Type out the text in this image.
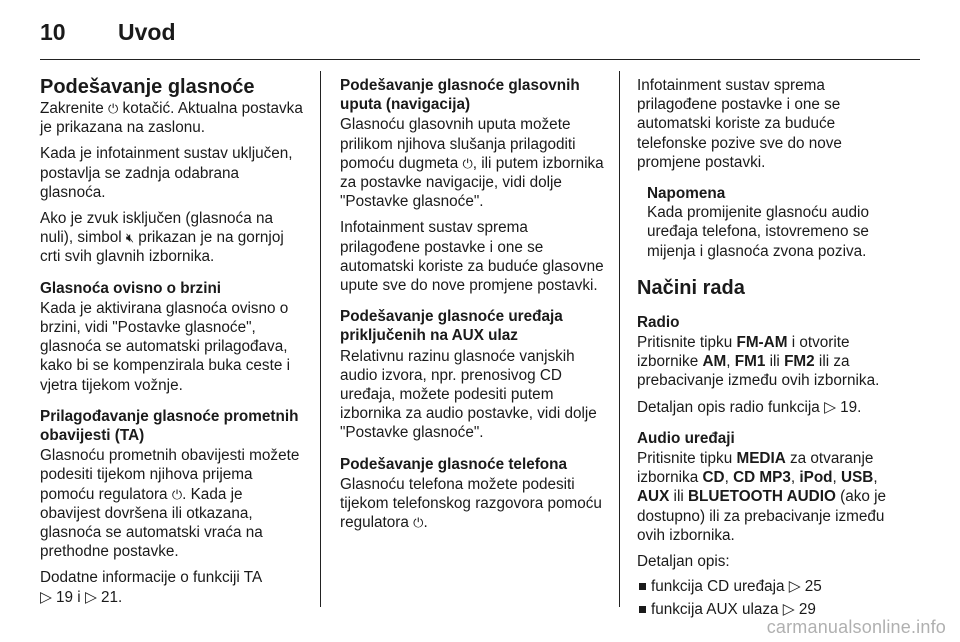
10	Uvod
Podešavanje glasnoće

Zakrenite ⏻ kotačić. Aktualna postavka je prikazana na zaslonu.

Kada je infotainment sustav uključen, postavlja se zadnja odabrana glasnoća.

Ako je zvuk isključen (glasnoća na nuli), simbol 🔇︎ prikazan je na gornjoj crti svih glavnih izbornika.

Glasnoća ovisno o brzini

Kada je aktivirana glasnoća ovisno o brzini, vidi "Postavke glasnoće", glasnoća se automatski prilagođava, kako bi se kompenzirala buka ceste i vjetra tijekom vožnje.

Prilagođavanje glasnoće prometnih obavijesti (TA)

Glasnoću prometnih obavijesti možete podesiti tijekom njihova prijema pomoću regulatora ⏻. Kada je obavijest dovršena ili otkazana, glasnoća se automatski vraća na prethodne postavke.

Dodatne informacije o funkciji TA
▷ 19 i ▷ 21.

Podešavanje glasnoće glasovnih uputa (navigacija)

Glasnoću glasovnih uputa možete prilikom njihova slušanja prilagoditi pomoću dugmeta ⏻, ili putem izbornika za postavke navigacije, vidi dolje "Postavke glasnoće".

Infotainment sustav sprema prilagođene postavke i one se automatski koriste za buduće glasovne upute sve do nove promjene postavki.

Podešavanje glasnoće uređaja priključenih na AUX ulaz

Relativnu razinu glasnoće vanjskih audio izvora, npr. prenosivog CD uređaja, možete podesiti putem izbornika za audio postavke, vidi dolje "Postavke glasnoće".

Podešavanje glasnoće telefona

Glasnoću telefona možete podesiti tijekom telefonskog razgovora pomoću regulatora ⏻.

Infotainment sustav sprema prilagođene postavke i one se automatski koriste za buduće telefonske pozive sve do nove promjene postavki.

Napomena
Kada promijenite glasnoću audio uređaja telefona, istovremeno se mijenja i glasnoća zvona poziva.
Načini rada
Radio

Pritisnite tipku FM-AM i otvorite izbornike AM, FM1 ili FM2 ili za prebacivanje između ovih izbornika.

Detaljan opis radio funkcija ▷ 19.

Audio uređaji

Pritisnite tipku MEDIA za otvaranje izbornika CD, CD MP3, iPod, USB, AUX ili BLUETOOTH AUDIO (ako je dostupno) ili za prebacivanje između ovih izbornika.

Detaljan opis:

funkcija CD uređaja ▷ 25
funkcija AUX ulaza ▷ 29
carmanualsonline.info
